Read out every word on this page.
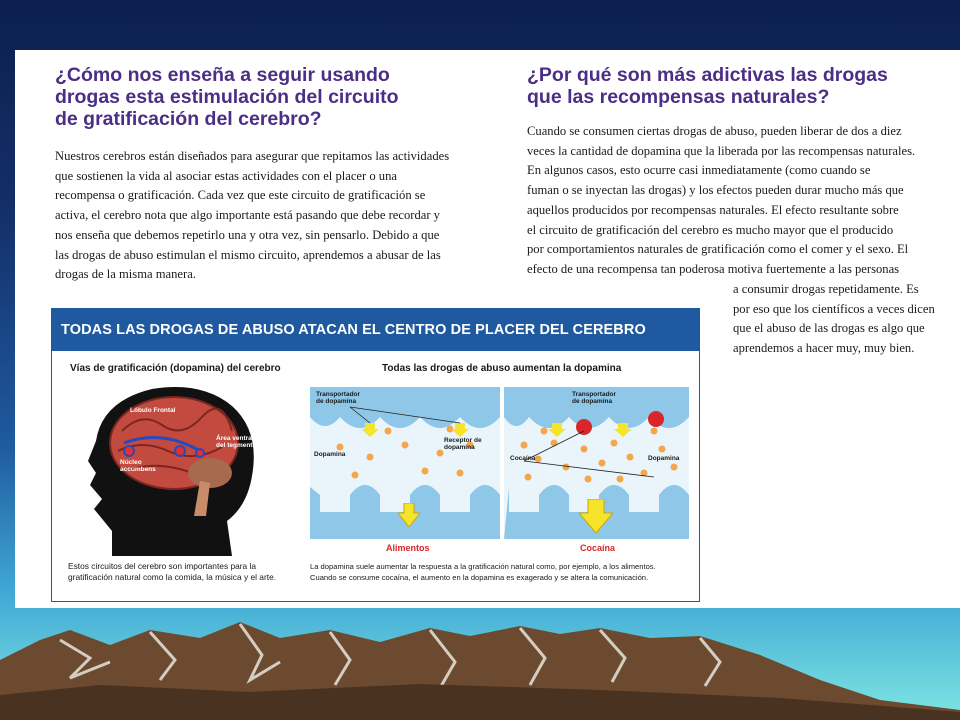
¿Cómo nos enseña a seguir usando
drogas esta estimulación del circuito
de gratificación del cerebro?
Nuestros cerebros están diseñados para asegurar que repitamos las actividades
que sostienen la vida al asociar estas actividades con el placer o una
recompensa o gratificación. Cada vez que este circuito de gratificación se
activa, el cerebro nota que algo importante está pasando que debe recordar y
nos enseña que debemos repetirlo una y otra vez, sin pensarlo. Debido a que
las drogas de abuso estimulan el mismo circuito, aprendemos a abusar de las
drogas de la misma manera.
¿Por qué son más adictivas las drogas
que las recompensas naturales?
Cuando se consumen ciertas drogas de abuso, pueden liberar de dos a diez
veces la cantidad de dopamina que la liberada por las recompensas naturales.
En algunos casos, esto ocurre casi inmediatamente (como cuando se
fuman o se inyectan las drogas) y los efectos pueden durar mucho más que
aquellos producidos por recompensas naturales. El efecto resultante sobre
el circuito de gratificación del cerebro es mucho mayor que el producido
por comportamientos naturales de gratificación como el comer y el sexo. El
efecto de una recompensa tan poderosa motiva fuertemente a las personas
a consumir drogas repetidamente. Es
por eso que los científicos a veces dicen
que el abuso de las drogas es algo que
aprendemos a hacer muy, muy bien.
TODAS LAS DROGAS DE ABUSO ATACAN EL CENTRO DE PLACER DEL CEREBRO
Vías de gratificación (dopamina) del cerebro	Todas las drogas de abuso aumentan la dopamina
Lóbulo Frontal
Área ventral
del tegmento
Núcleo
accumbens
Transportador
de dopamina
Dopamina
Receptor de
dopamina
Transportador
de dopamina
Cocaína	Dopamina
Alimentos	Cocaína
Estos circuitos del cerebro son importantes para la
gratificación natural como la comida, la música y el arte.
La dopamina suele aumentar la respuesta a la gratificación natural como, por ejemplo, a los alimentos.
Cuando se consume cocaína, el aumento en la dopamina es exagerado y se altera la comunicación.
